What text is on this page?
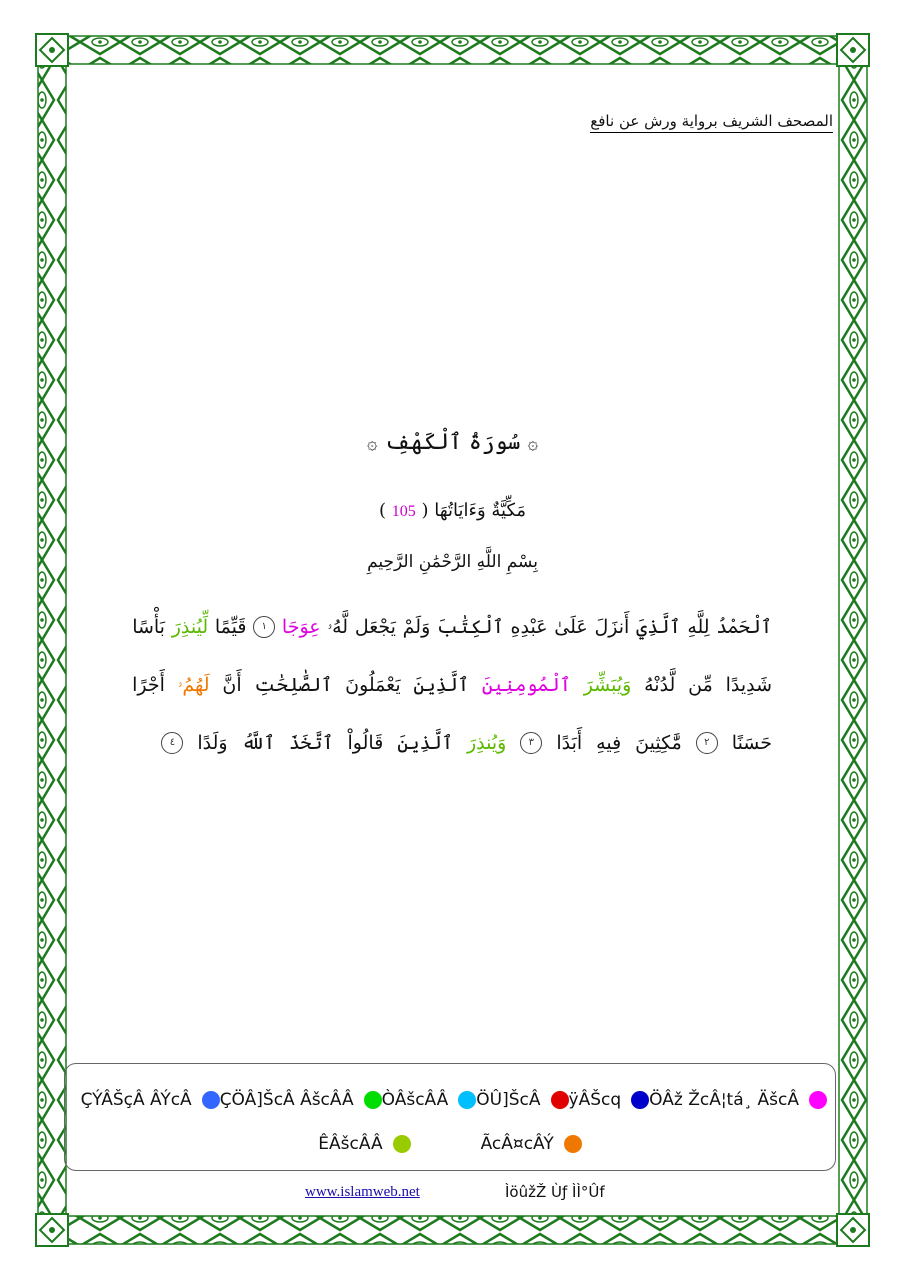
المصحف الشريف برواية ورش عن نافع
۞ سُورَةُ ٱلْكَهْفِ ۞
مَكِّيَّةٌ وَءَايَاتُهَا ( 105 )
بِسْمِ اللَّهِ الرَّحْمَٰنِ الرَّحِيمِ
ٱلْحَمْدُ
لِلَّهِ
ٱلَّذِيَ
أَنزَلَ
عَلَىٰ
عَبْدِهِ
ٱلْكِتَٰبَ
وَلَمْ
يَجْعَل
لَّهُۥ
عِوَجَا
١
قَيِّمًا
لِّيُنذِرَ
بَأْسًا
شَدِيدًا
مِّن
لَّدُنْهُ
وَيُبَشِّرَ
ٱلْمُومِنِينَ
ٱلَّذِينَ
يَعْمَلُونَ
ٱلصَّٰلِحَٰتِ
أَنَّ
لَهُمُۥ
أَجْرًا
حَسَنًا
٢
مَّٰكِثِينَ
فِيهِ
أَبَدًا
٣
وَيُنذِرَ
ٱلَّذِينَ
قَالُواْ
ٱتَّخَذَ
ٱللَّهُ
وَلَدًا
٤
ÖÂž ŽcÂ¦tá¸ ÄšcÂ
ÿÂŠcq
ÖÛ]ŠcÂ
ÒÂšcÂÂ
ÇÖÂ]ŠcÂ ÂšcÂÂ
ÇÝÂŠçÂ ÂÝcÂ
ÃcÂ¤cÂÝ
ÊÂšcÂÂ
www.islamweb.net	ÌöûžŽ Ùƒ ÌÌ°Ûf
